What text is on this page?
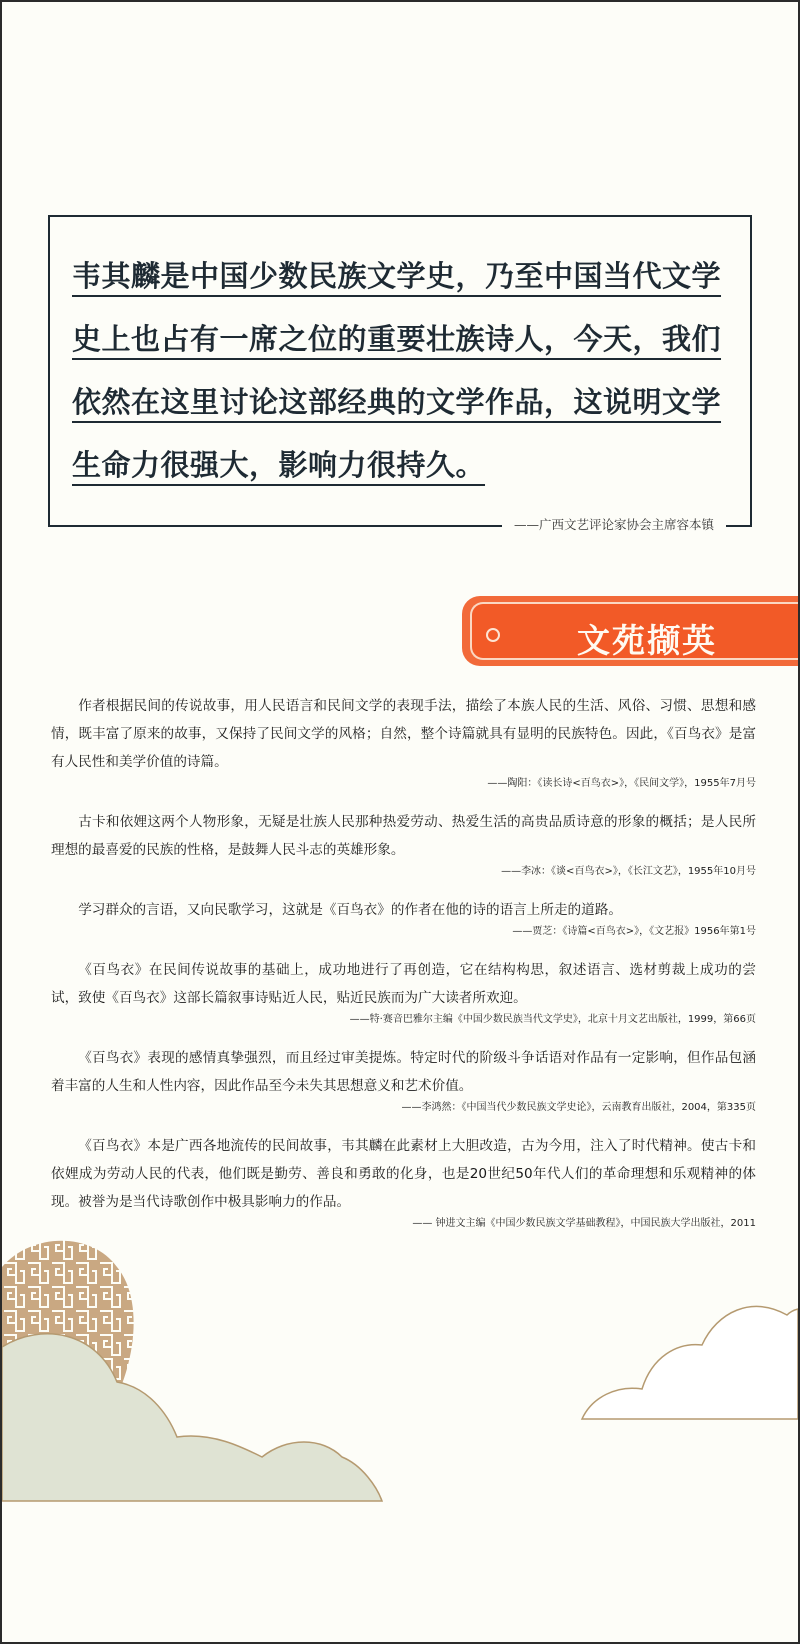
韦其麟是中国少数民族文学史，乃至中国当代文学史上也占有一席之位的重要壮族诗人，今天，我们依然在这里讨论这部经典的文学作品，这说明文学生命力很强大，影响力很持久。

——广西文艺评论家协会主席容本镇
文苑撷英

作者根据民间的传说故事，用人民语言和民间文学的表现手法，描绘了本族人民的生活、风俗、习惯、思想和感情，既丰富了原来的故事，又保持了民间文学的风格；自然，整个诗篇就具有显明的民族特色。因此，《百鸟衣》是富有人民性和美学价值的诗篇。

——陶阳：《读长诗<百鸟衣>》，《民间文学》，1955年7月号

古卡和依娌这两个人物形象，无疑是壮族人民那种热爱劳动、热爱生活的高贵品质诗意的形象的概括；是人民所理想的最喜爱的民族的性格，是鼓舞人民斗志的英雄形象。

——李冰：《谈<百鸟衣>》，《长江文艺》，1955年10月号

学习群众的言语，又向民歌学习，这就是《百鸟衣》的作者在他的诗的语言上所走的道路。

——贾芝：《诗篇<百鸟衣>》，《文艺报》1956年第1号

《百鸟衣》在民间传说故事的基础上，成功地进行了再创造，它在结构构思，叙述语言、选材剪裁上成功的尝试，致使《百鸟衣》这部长篇叙事诗贴近人民，贴近民族而为广大读者所欢迎。

——特·赛音巴雅尔主编《中国少数民族当代文学史》，北京十月文艺出版社，1999，第66页

《百鸟衣》表现的感情真挚强烈，而且经过审美提炼。特定时代的阶级斗争话语对作品有一定影响，但作品包涵着丰富的人生和人性内容，因此作品至今未失其思想意义和艺术价值。

——李鸿然：《中国当代少数民族文学史论》，云南教育出版社，2004，第335页

《百鸟衣》本是广西各地流传的民间故事，韦其麟在此素材上大胆改造，古为今用，注入了时代精神。使古卡和依娌成为劳动人民的代表，他们既是勤劳、善良和勇敢的化身，也是20世纪50年代人们的革命理想和乐观精神的体现。被誉为是当代诗歌创作中极具影响力的作品。

—— 钟进文主编《中国少数民族文学基础教程》，中国民族大学出版社，2011
